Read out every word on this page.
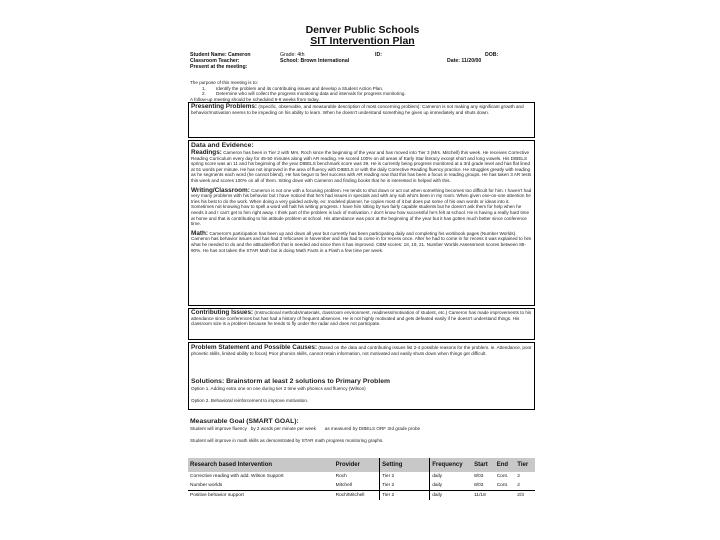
Denver Public Schools
SIT Intervention Plan
Student Name: Cameron	Grade: 4th	ID:	DOB:
Classroom Teacher:	School: Brown International	Date: 11/20/00
Present at the meeting:
The purpose of this meeting is to:
1. Identify the problem and its contributing issues and develop a Student Action Plan.
2. Determine who will collect the progress monitoring data and intervals for progress monitoring.
A follow-up meeting should be scheduled 6-8 weeks from today.
Presenting Problems: (Specific, observable, and measurable description of most concerning problem): Cameron is not making any significant growth and behavior/motivation seems to be impeding on his ability to learn. When he doesn't understand something he gives up immediately and shuts down.
Data and Evidence:
Readings: Cameron has been in Tier 2 with Mrs. Roch since the beginning of the year and has moved into Tier 3 (Mrs. Mitchell) this week. He receives Corrective Reading Curriculum every day for 45-50 minutes along with AR reading. He scored 100% on all areas of Early Star literacy except short and long vowels. His DIBELS spring score was an 11 and his beginning of the year DIBELS benchmark score was 39. He is currently being progress monitored at a 3rd grade level and has flat lined at 51 words per minute. He has not improved in the area of fluency with DIBELS or with the daily Corrective Reading fluency practice. He struggles greatly with reading as he segments each word (he cannot blend). He has begun to feel success with AR reading now that this has been a focus in reading groups. He has taken 3 AR tests this week and scores 100% on all of them. Sitting down with Cameron and finding books that he is interested in helped with this.
Writing/Classroom: Cameron is not one with a focusing problem. He tends to shut down or act out when something becomes too difficult for him. I haven't had very many problems with his behavior but I have noticed that he's had issues in specials and with any sub who's been in my room. When given one-on-one attention he tries his best to do the work. When doing a very guided activity, ex: modeled planner, he copies most of it but does put some of his own words or ideas into it. Sometimes not knowing how to spell a word will halt his writing progress. I have him sitting by two fairly capable students but he doesn't ask them for help when he needs it and I can't get to him right away. I think part of the problem is lack of motivation. I don't know how successful he's felt at school. He is having a really hard time at home and that is contributing to his attitude problem at school. His attendance was poor at the beginning of the year but it has gotten much better since conference time.
Math: Cameron's participation has been up and down all year but currently has been participating daily and completing his workbook pages (Number Worlds). Cameron has behavior issues and has had 3 refocuses in November and has had to come in for recess once. After he had to come in for recess it was explained to him what he needed to do and the attitude/effort that is needed and since then it has improved. CBM scores: 18, 19, 21. Number Worlds Assessment scores between 85-90%. He has not taken the STAR Math but is doing Math Facts in a Flash a few time per week.
Contributing Issues: (Instructional methods/materials, classroom environment, readiness/motivation of student, etc.) Cameron has made improvements to his attendance since conferences but has had a history of frequent absences. He is not highly motivated and gets defeated easily if he doesn't understand things. His classroom size is a problem because he tends to fly under the radar and does not participate.
Problem Statement and Possible Causes: (Based on the data and contributing issues list 2-4 possible reasons for the problem. ie. Attendance, poor phonetic skills, limited ability to focus) Poor phonics skills, cannot retain information, not motivated and easily shuts down when things get difficult.
Solutions: Brainstorm at least 2 solutions to Primary Problem
Option 1. Adding extra one on one during tier 2 time with phonics and fluency (Wilson)
Option 2. Behavioral reinforcement to improve motivation.
Measurable Goal (SMART GOAL):
Student will improve fluency   by 2 words per minute per week       as measured by DIBELS ORF 3rd grade probe
Student will improve in math skills as demonstrated by STAR math progress monitoring graphs.
Research based Intervention	Provider	Setting	Frequency	Start	End	Tier
Corrective reading with add. Wilson Support	Roch	Tier 2	daily	8/03	Cont.	2
Number worlds	Mitchell	Tier 2	daily	8/03	Cont.	2
Positive behavior support	Roch/Mitchell	Tier 2	daily	11/18		2/3
